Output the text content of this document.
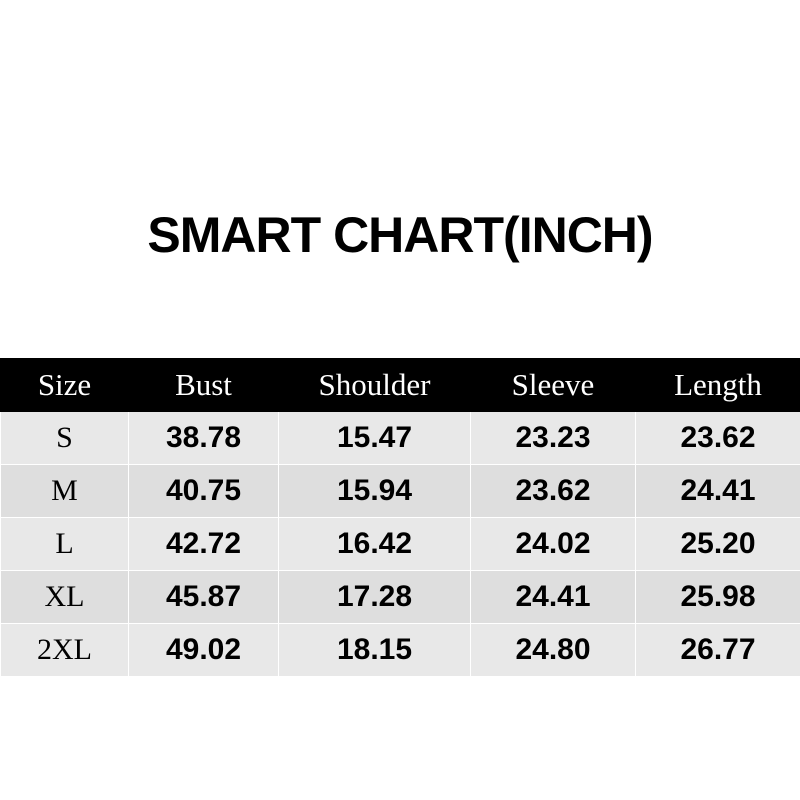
SMART CHART(INCH)
Size	Bust	Shoulder	Sleeve	Length
S	38.78	15.47	23.23	23.62
M	40.75	15.94	23.62	24.41
L	42.72	16.42	24.02	25.20
XL	45.87	17.28	24.41	25.98
2XL	49.02	18.15	24.80	26.77
